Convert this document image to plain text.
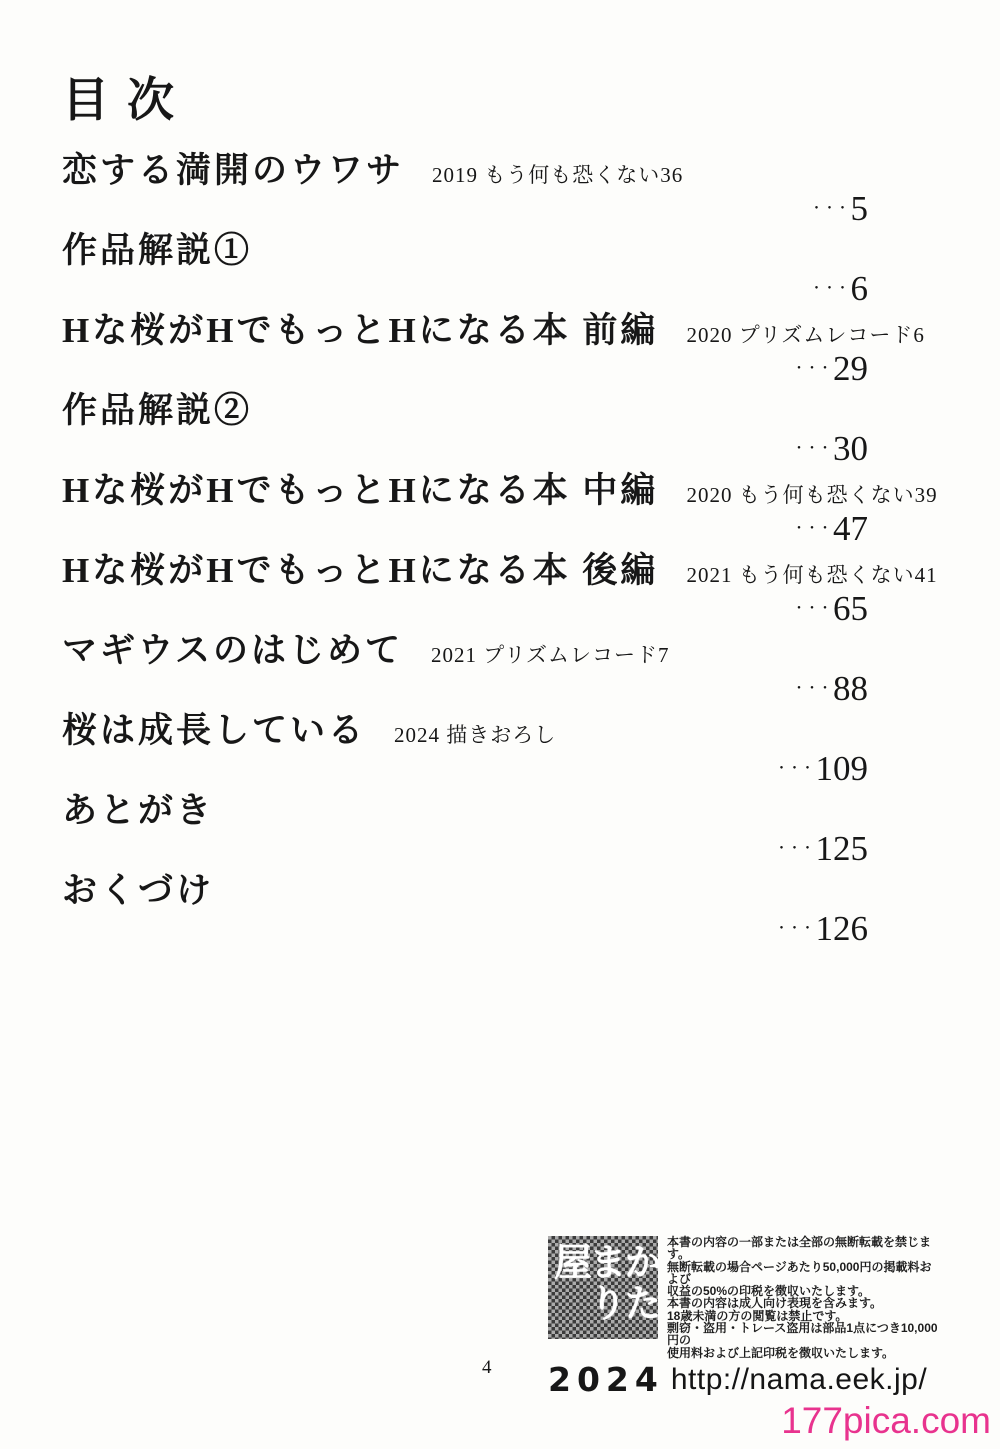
目次
恋する満開のウワサ 2019 もう何も恐くない36
・・・5
作品解説①
・・・6
Hな桜がHでもっとHになる本 前編 2020 プリズムレコード6
・・・29
作品解説②
・・・30
Hな桜がHでもっとHになる本 中編 2020 もう何も恐くない39
・・・47
Hな桜がHでもっとHになる本 後編 2021 もう何も恐くない41
・・・65
マギウスのはじめて 2021 プリズムレコード7
・・・88
桜は成長している 2024 描きおろし
・・・109
あとがき
・・・125
おくづけ
・・・126
かたまり屋	本書の内容の一部または全部の無断転載を禁じます。
無断転載の場合ページあたり50,000円の掲載料および
収益の50%の印税を徴収いたします。
本書の内容は成人向け表現を含みます。
18歳未満の方の閲覧は禁止です。
剽窃・盗用・トレース盗用は部品1点につき10,000円の
使用料および上記印税を徴収いたします。
2024 http://nama.eek.jp/
4
177pica.com
